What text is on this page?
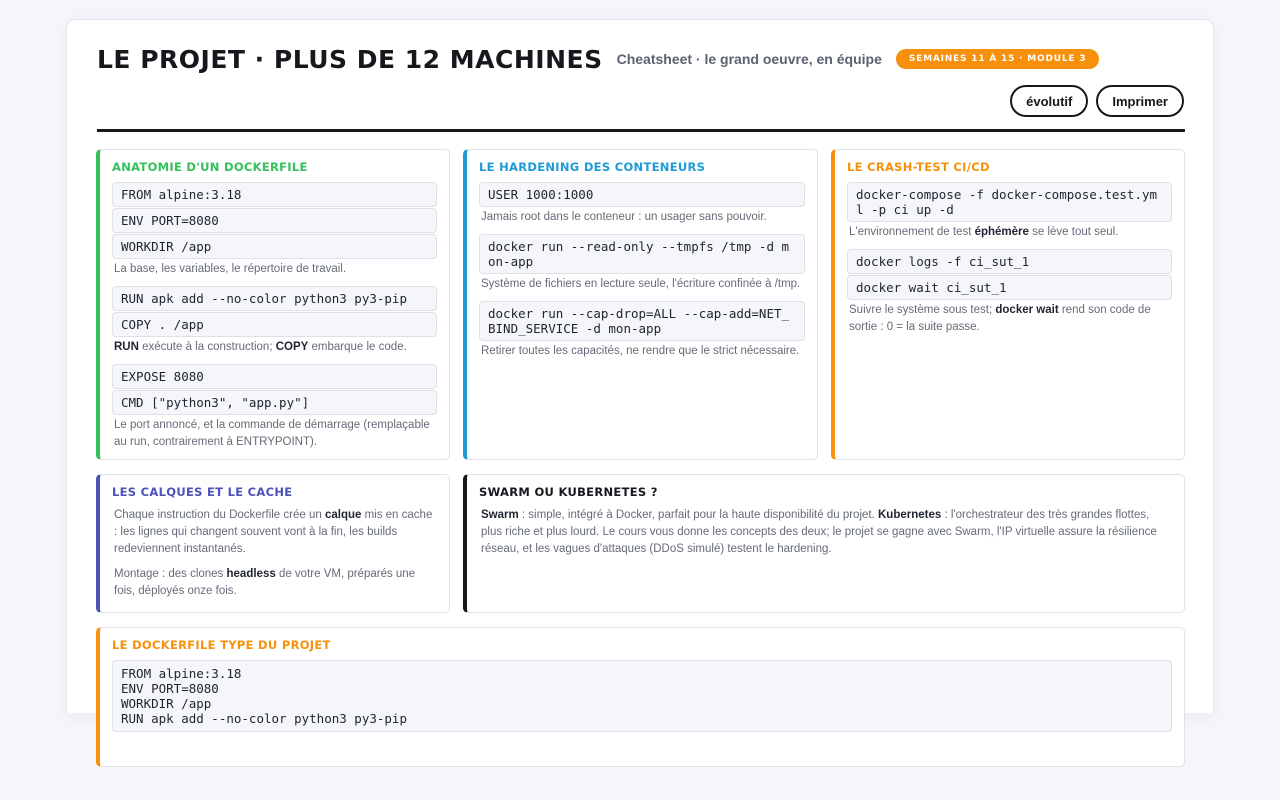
LE PROJET · PLUS DE 12 MACHINES Cheatsheet · le grand oeuvre, en équipe	SEMAINES 11 À 15 · MODULE 3
évolutif	Imprimer
ANATOMIE D'UN DOCKERFILE
FROM alpine:3.18
ENV PORT=8080
WORKDIR /app

La base, les variables, le répertoire de travail.

RUN apk add --no-color python3 py3-pip
COPY . /app

RUN exécute à la construction; COPY embarque le code.

EXPOSE 8080
CMD ["python3", "app.py"]

Le port annoncé, et la commande de démarrage (remplaçable au run, contrairement à ENTRYPOINT).

LE HARDENING DES CONTENEURS
USER 1000:1000

Jamais root dans le conteneur : un usager sans pouvoir.

docker run --read-only --tmpfs /tmp -d mon-app

Système de fichiers en lecture seule, l'écriture confinée à /tmp.

docker run --cap-drop=ALL --cap-add=NET_BIND_SERVICE -d mon-app

Retirer toutes les capacités, ne rendre que le strict nécessaire.

LE CRASH-TEST CI/CD
docker-compose -f docker-compose.test.yml -p ci up -d

L'environnement de test éphémère se lève tout seul.

docker logs -f ci_sut_1
docker wait ci_sut_1

Suivre le système sous test; docker wait rend son code de sortie : 0 = la suite passe.

LES CALQUES ET LE CACHE

Chaque instruction du Dockerfile crée un calque mis en cache : les lignes qui changent souvent vont à la fin, les builds redeviennent instantanés.

Montage : des clones headless de votre VM, préparés une fois, déployés onze fois.

SWARM OU KUBERNETES ?

Swarm : simple, intégré à Docker, parfait pour la haute disponibilité du projet. Kubernetes : l'orchestrateur des très grandes flottes, plus riche et plus lourd. Le cours vous donne les concepts des deux; le projet se gagne avec Swarm, l'IP virtuelle assure la résilience réseau, et les vagues d'attaques (DDoS simulé) testent le hardening.

LE DOCKERFILE TYPE DU PROJET
FROM alpine:3.18
ENV PORT=8080
WORKDIR /app
RUN apk add --no-color python3 py3-pip
